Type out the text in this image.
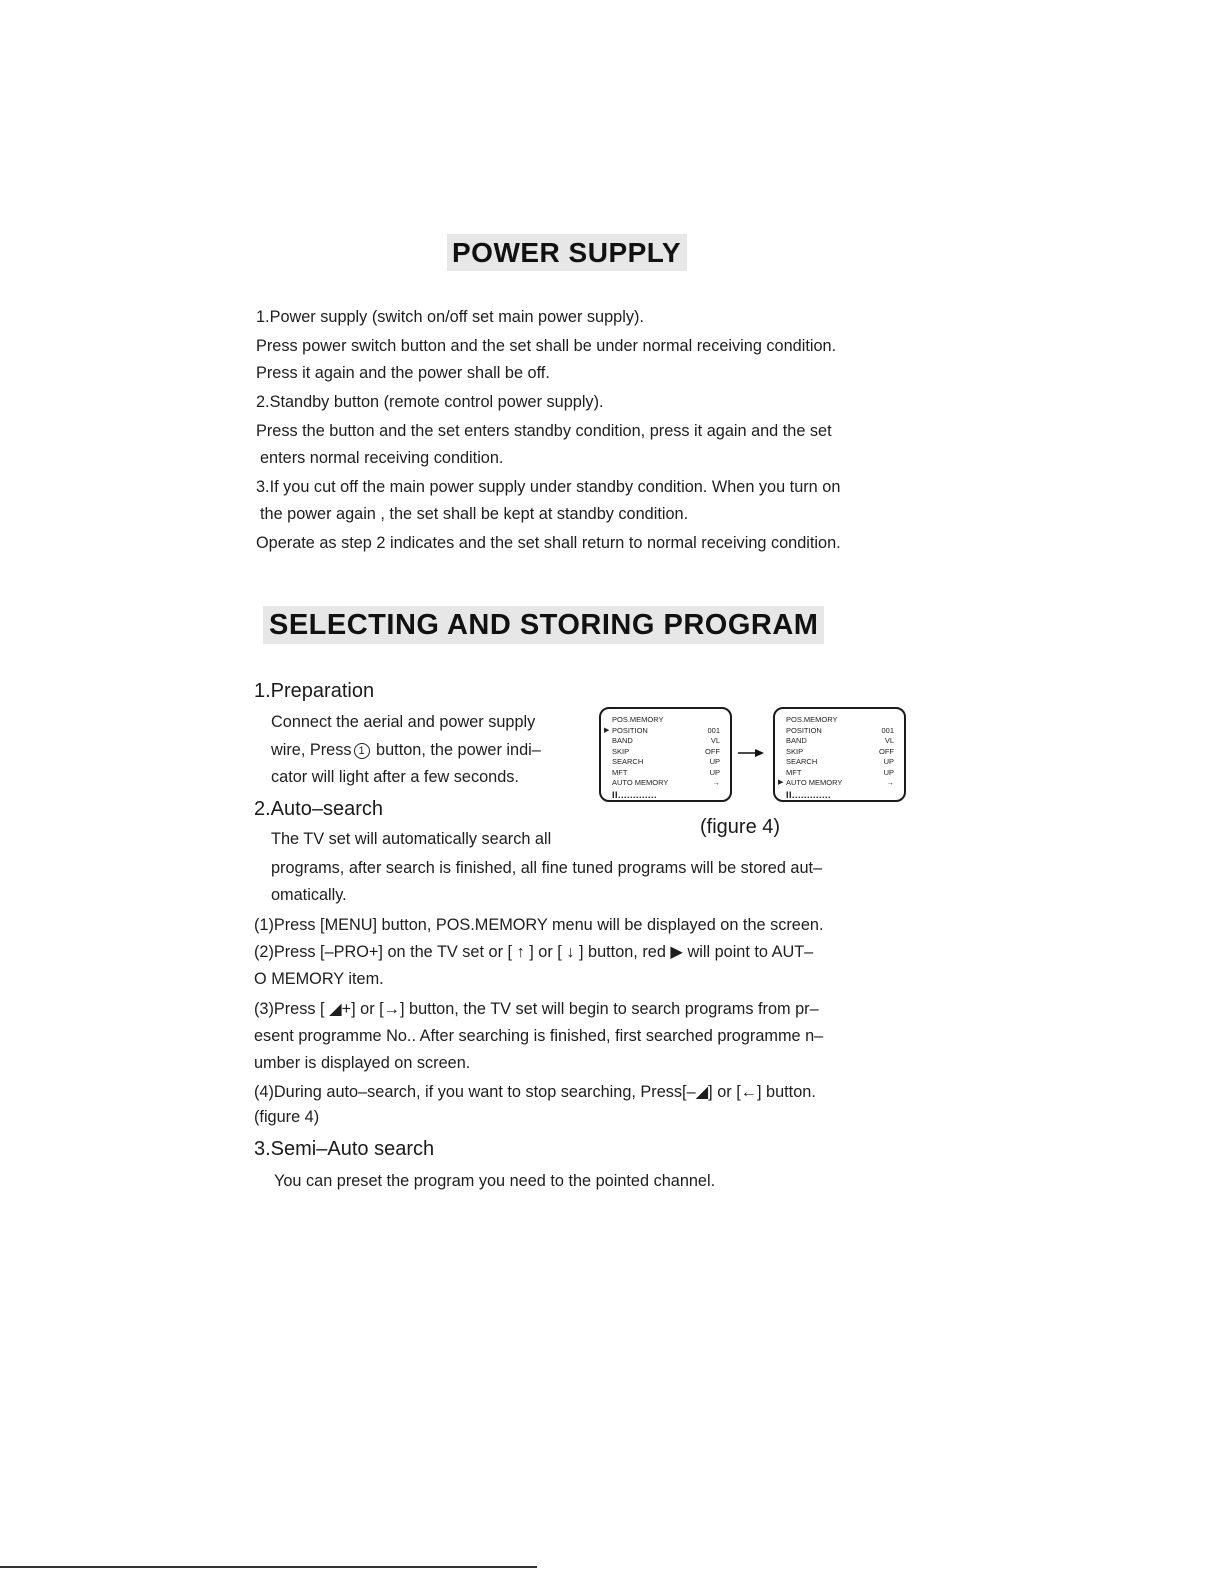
POWER SUPPLY
1.Power supply (switch on/off set main power supply).
Press power switch button and the set shall be under normal receiving condition.
Press it again and the power shall be off.
2.Standby button (remote control power supply).
Press the button and the set enters standby condition, press it again and the set
enters normal receiving condition.
3.If you cut off the main power supply under standby condition. When you turn on
the power again , the set shall be kept at standby condition.
Operate as step 2 indicates and the set shall return to normal receiving condition.
SELECTING AND STORING PROGRAM
1.Preparation
Connect the aerial and power supply
wire, Press 1 button, the power indi–
cator will light after a few seconds.
2.Auto–search
The TV set will automatically search all
programs, after search is finished, all fine tuned programs will be stored aut–
omatically.
(1)Press [MENU] button, POS.MEMORY menu will be displayed on the screen.
(2)Press [–PRO+] on the TV set or [ ↑ ] or [ ↓ ] button, red ▶ will point to AUT–
O MEMORY item.
(3)Press [ ◢+] or [→] button, the TV set will begin to search programs from pr–
esent programme No.. After searching is finished, first searched programme n–
umber is displayed on screen.
(4)During auto–search, if you want to stop searching, Press[–◢] or [←] button.
(figure 4)
3.Semi–Auto search
You can preset the program you need to the pointed channel.
POS.MEMORY
▶ POSITION	001
BAND	VL
SKIP	OFF
SEARCH	UP
MFT	UP
AUTO MEMORY	→
II.............
POS.MEMORY
POSITION	001
BAND	VL
SKIP	OFF
SEARCH	UP
MFT	UP
▶ AUTO MEMORY	→
II.............
(figure 4)
